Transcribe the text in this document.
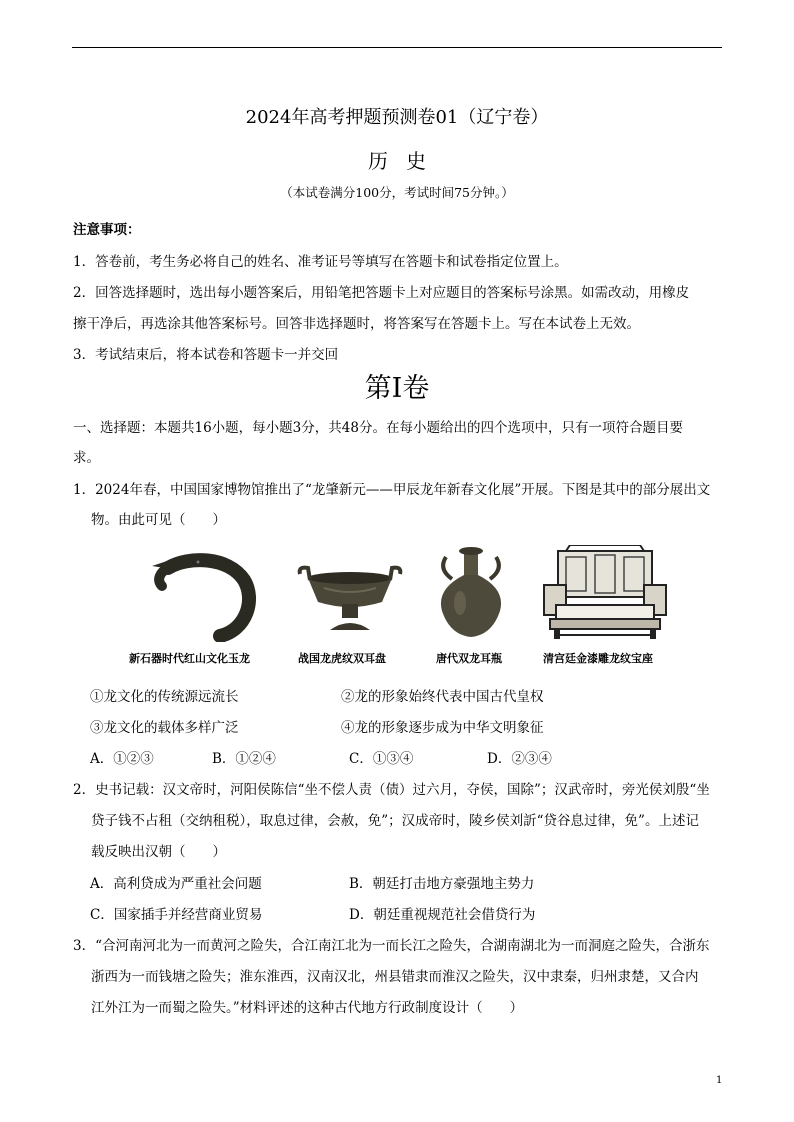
2024年高考押题预测卷01（辽宁卷）
历史
（本试卷满分100分，考试时间75分钟。）
注意事项：
1．答卷前，考生务必将自己的姓名、准考证号等填写在答题卡和试卷指定位置上。
2．回答选择题时，选出每小题答案后，用铅笔把答题卡上对应题目的答案标号涂黑。如需改动，用橡皮
擦干净后，再选涂其他答案标号。回答非选择题时，将答案写在答题卡上。写在本试卷上无效。
3．考试结束后，将本试卷和答题卡一并交回
第Ⅰ卷
一、选择题：本题共16小题，每小题3分，共48分。在每小题给出的四个选项中，只有一项符合题目要
求。
1．2024年春，中国国家博物馆推出了“龙肇新元——甲辰龙年新春文化展”开展。下图是其中的部分展出文
物。由此可见（　　）
新石器时代红山文化玉龙	战国龙虎纹双耳盘	唐代双龙耳瓶	清宫廷金漆雕龙纹宝座
①龙文化的传统源远流长	②龙的形象始终代表中国古代皇权
③龙文化的载体多样广泛	④龙的形象逐步成为中华文明象征
A．①②③	B．①②④	C．①③④	D．②③④
2．史书记载：汉文帝时，河阳侯陈信“坐不偿人责（债）过六月，夺侯，国除”；汉武帝时，旁光侯刘殷“坐
贷子钱不占租（交纳租税），取息过律，会赦，免”；汉成帝时，陵乡侯刘訢“贷谷息过律，免”。上述记
载反映出汉朝（　　）
A．高利贷成为严重社会问题	B．朝廷打击地方豪强地主势力
C．国家插手并经营商业贸易	D．朝廷重视规范社会借贷行为
3．“合河南河北为一而黄河之险失，合江南江北为一而长江之险失，合湖南湖北为一而洞庭之险失，合浙东
浙西为一而钱塘之险失；淮东淮西，汉南汉北，州县错隶而淮汉之险失，汉中隶秦，归州隶楚，又合内
江外江为一而蜀之险失。”材料评述的这种古代地方行政制度设计（　　）
1
